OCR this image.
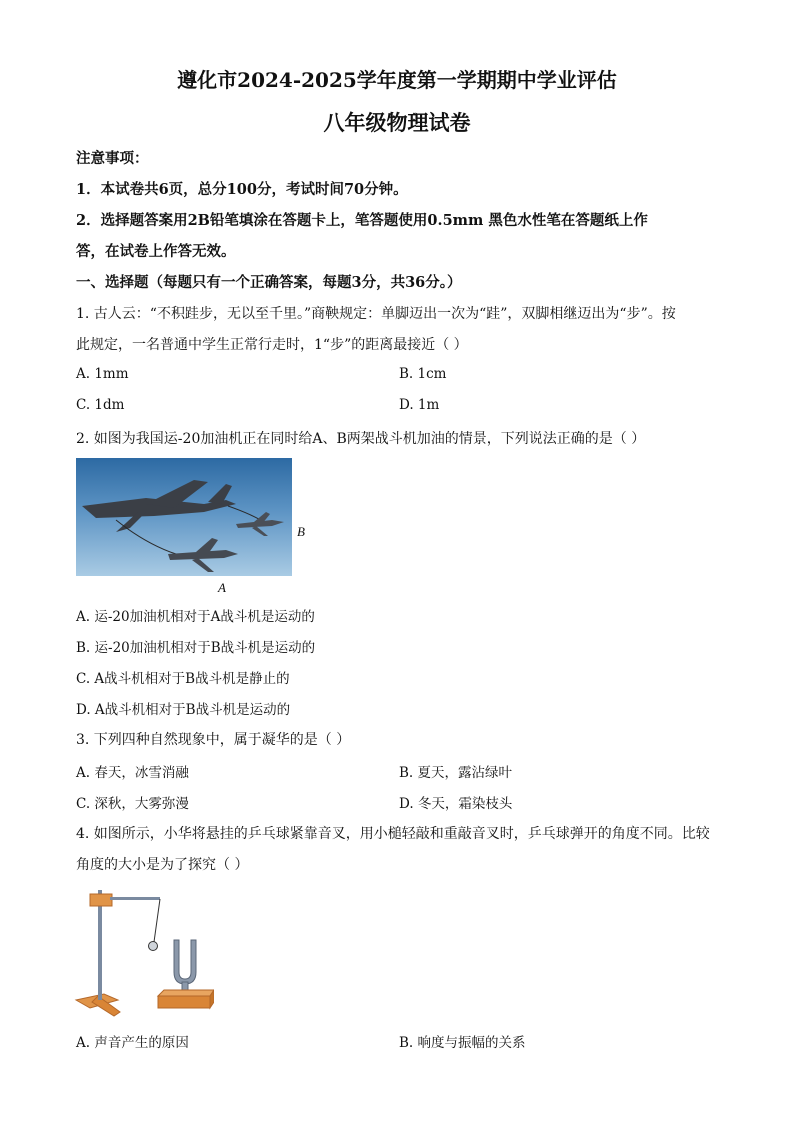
遵化市2024-2025学年度第一学期期中学业评估
八年级物理试卷
注意事项：
1．本试卷共6页，总分100分，考试时间70分钟。
2．选择题答案用2B铅笔填涂在答题卡上，笔答题使用0.5mm 黑色水性笔在答题纸上作
答，在试卷上作答无效。
一、选择题（每题只有一个正确答案，每题3分，共36分。）
1. 古人云：“不积跬步，无以至千里。”商鞅规定：单脚迈出一次为“跬”，双脚相继迈出为“步”。按
此规定，一名普通中学生正常行走时，1“步”的距离最接近（ ）
A. 1mm	B. 1cm
C. 1dm	D. 1m
2. 如图为我国运-20加油机正在同时给A、B两架战斗机加油的情景，下列说法正确的是（ ）
B
A
A. 运-20加油机相对于A战斗机是运动的
B. 运-20加油机相对于B战斗机是运动的
C. A战斗机相对于B战斗机是静止的
D. A战斗机相对于B战斗机是运动的
3. 下列四种自然现象中，属于凝华的是（ ）
A. 春天，冰雪消融	B. 夏天，露沾绿叶
C. 深秋，大雾弥漫	D. 冬天，霜染枝头
4. 如图所示，小华将悬挂的乒乓球紧靠音叉，用小槌轻敲和重敲音叉时，乒乓球弹开的角度不同。比较
角度的大小是为了探究（ ）
A. 声音产生的原因	B. 响度与振幅的关系
